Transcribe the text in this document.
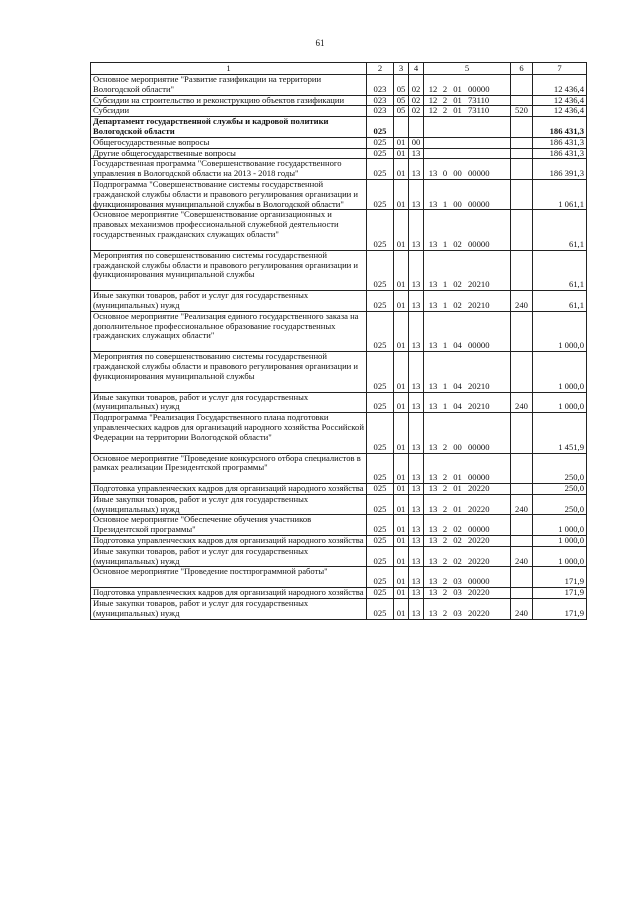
61
1	2	3	4	5	6	7
Основное мероприятие "Развитие газификации на территории Вологодской области"	023	05	02	12 2 01 00000		12 436,4
Субсидии на строительство и реконструкцию объектов газификации	023	05	02	12 2 01 73110		12 436,4
Субсидии	023	05	02	12 2 01 73110	520	12 436,4
Департамент государственной службы и кадровой политики Вологодской области	025					186 431,3
Общегосударственные вопросы	025	01	00			186 431,3
Другие общегосударственные вопросы	025	01	13			186 431,3
Государственная программа "Совершенствование государственного управления в Вологодской области на 2013 - 2018 годы"	025	01	13	13 0 00 00000		186 391,3
Подпрограмма "Совершенствование системы государственной гражданской службы области и правового регулирования организации и функционирования муниципальной службы в Вологодской области"	025	01	13	13 1 00 00000		1 061,1
Основное мероприятие "Совершенствование организационных и правовых механизмов профессиональной служебной деятельности государственных гражданских служащих области"	025	01	13	13 1 02 00000		61,1
Мероприятия по совершенствованию системы государственной гражданской службы области и правового регулирования организации и функционирования муниципальной службы	025	01	13	13 1 02 20210		61,1
Иные закупки товаров, работ и услуг для государственных (муниципальных) нужд	025	01	13	13 1 02 20210	240	61,1
Основное мероприятие "Реализация единого государственного заказа на дополнительное профессиональное образование государственных гражданских служащих области"	025	01	13	13 1 04 00000		1 000,0
Мероприятия по совершенствованию системы государственной гражданской службы области и правового регулирования организации и функционирования муниципальной службы	025	01	13	13 1 04 20210		1 000,0
Иные закупки товаров, работ и услуг для государственных (муниципальных) нужд	025	01	13	13 1 04 20210	240	1 000,0
Подпрограмма "Реализация Государственного плана подготовки управленческих кадров для организаций народного хозяйства Российской Федерации на территории Вологодской области"	025	01	13	13 2 00 00000		1 451,9
Основное мероприятие "Проведение конкурсного отбора специалистов в рамках реализации Президентской программы"	025	01	13	13 2 01 00000		250,0
Подготовка управленческих кадров для организаций народного хозяйства	025	01	13	13 2 01 20220		250,0
Иные закупки товаров, работ и услуг для государственных (муниципальных) нужд	025	01	13	13 2 01 20220	240	250,0
Основное мероприятие "Обеспечение обучения участников Президентской программы"	025	01	13	13 2 02 00000		1 000,0
Подготовка управленческих кадров для организаций народного хозяйства	025	01	13	13 2 02 20220		1 000,0
Иные закупки товаров, работ и услуг для государственных (муниципальных) нужд	025	01	13	13 2 02 20220	240	1 000,0
Основное мероприятие "Проведение постпрограммной работы"	025	01	13	13 2 03 00000		171,9
Подготовка управленческих кадров для организаций народного хозяйства	025	01	13	13 2 03 20220		171,9
Иные закупки товаров, работ и услуг для государственных (муниципальных) нужд	025	01	13	13 2 03 20220	240	171,9
